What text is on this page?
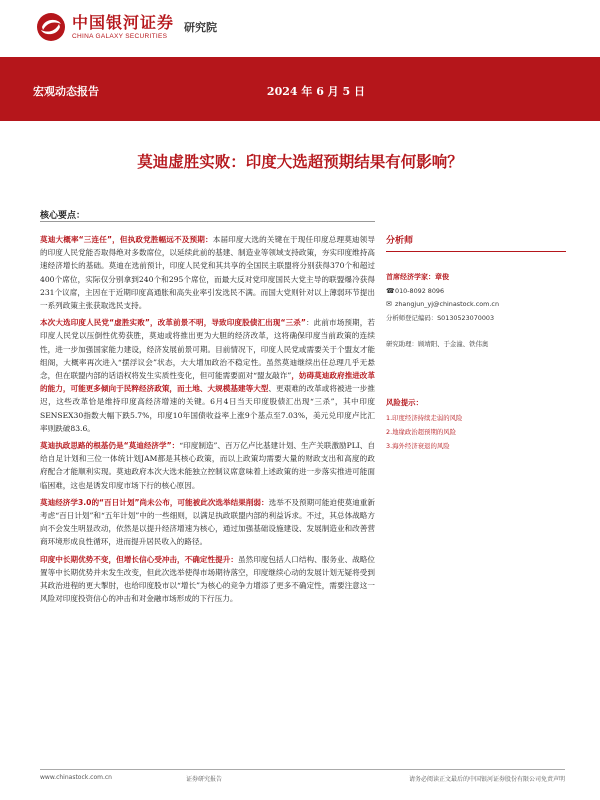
中国银河证券
CHINA GALAXY SECURITIES
研究院
宏观动态报告	2024 年 6 月 5 日
莫迪虚胜实败：印度大选超预期结果有何影响？
核心要点：

莫迪大概率“三连任”，但执政党胜幅远不及预期：本届印度大选的关键在于现任印度总理莫迪领导的印度人民党能否取得绝对多数席位，以延续此前的基建、制造业等领域支持政策，夯实印度维持高速经济增长的基础。莫迪在选前预计，印度人民党和其共享的全国民主联盟将分别获得370个和超过400个席位，实际仅分别拿到240个和295个席位，而最大反对党印度国民大党主导的联盟爆冷获得231个议席，主因在于近期印度高通胀和高失业率引发选民不满。而国大党则针对以上薄弱环节提出一系列政策主张获取选民支持。

本次大选印度人民党“虚胜实败”，改革前景不明，导致印度股债汇出现“三杀”：此前市场预期，若印度人民党以压倒性优势获胜，莫迪或将推出更为大胆的经济改革，这将确保印度当前政策的连续性，进一步加强国家能力建设，经济发展前景可期。目前情况下，印度人民党或需要关于个盟友才能组阁，大概率再次进入“摆浮议会”状态，大大增加政治不稳定性。虽然莫迪继续出任总理几乎无悬念，但在联盟内部的话语权将发生实质性变化，但可能需要面对“盟友敲诈”，妨碍莫迪政府推进改革的能力，可能更多倾向于民粹经济政策，而土地、大规模基建等大型、更艰难的改革或将被进一步推迟，这些改革恰是维持印度高经济增速的关键。6月4日当天印度股债汇出现“三杀”，其中印度SENSEX30指数大幅下跌5.7%，印度10年国债收益率上涨9个基点至7.03%，美元兑印度卢比汇率则跌破83.6。

莫迪执政思路的根基仍是“莫迪经济学”：“印度制造”、百万亿卢比基建计划、生产关联激励PLI、自给自足计划和三位一体统计划JAM都是其核心政策，而以上政策均需要大量的财政支出和高度的政府配合才能顺利实现。莫迪政府本次大选未能独立控制议席意味着上述政策的进一步落实推进可能面临困难，这也是诱发印度市场下行的核心原因。

莫迪经济学3.0的“百日计划”尚未公布，可能被此次选举结果削弱：选举不及预期可能迫使莫迪重新考虑“百日计划”和“五年计划”中的一些细则，以满足执政联盟内部的利益诉求。不过，其总体战略方向不会发生明显改动，依然是以提升经济增速为核心，通过加强基础设施建设、发展制造业和改善营商环境形成良性循环，进而提升居民收入的路径。

印度中长期优势不变，但增长信心受冲击，不确定性提升：虽然印度包括人口结构、服务业、战略位置等中长期优势并未发生改变，但此次选举使得市场期待落空，印度继续心动的发展计划无疑将受到其政治进程的更大掣肘，也给印度股市以“增长”为核心的竞争力增添了更多不确定性，需要注意这一风险对印度投资信心的冲击和对金融市场形成的下行压力。

分析师
首席经济学家：章俊
☎ 010-8092 8096
✉ zhangjun_yj@chinastock.com.cn
分析师登记编码：S0130523070003
研究助理：顾靖阳、于金潼、铁伟奥
风险提示：
1.印度经济持续走弱的风险
2.地缘政治超预期的风险
3.海外经济衰退的风险
www.chinastock.com.cn	证券研究报告	请务必阅读正文最后的中国银河证券股份有限公司免责声明
